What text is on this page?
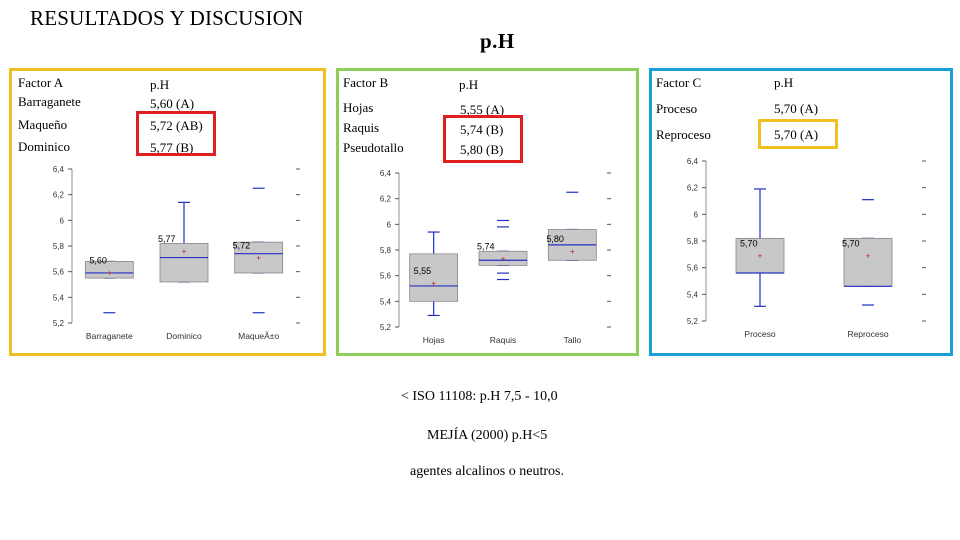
RESULTADOS Y DISCUSION
p.H
Factor A	p.H
Barraganete	5,60 (A)
Maqueño	5,72 (AB)
Dominico	5,77 (B)
5,2
5,4
5,6
5,8
6
6,2
6,4
+
5,60
Barraganete
+
5,77
Dominico
+
5,72
MaqueÃ±o
Factor B	p.H
Hojas	5,55 (A)
Raquis	5,74 (B)
Pseudotallo	5,80 (B)
5,2
5,4
5,6
5,8
6
6,2
6,4
+
5,55
Hojas
+
5,74
Raquis
+
5,80
Tallo
Factor C	p.H
Proceso	5,70 (A)
Reproceso	5,70 (A)
5,2
5,4
5,6
5,8
6
6,2
6,4
+
5,70
Proceso
+
5,70
Reproceso
< ISO 11108: p.H 7,5 - 10,0
MEJÍA (2000) p.H<5
agentes alcalinos o neutros.
